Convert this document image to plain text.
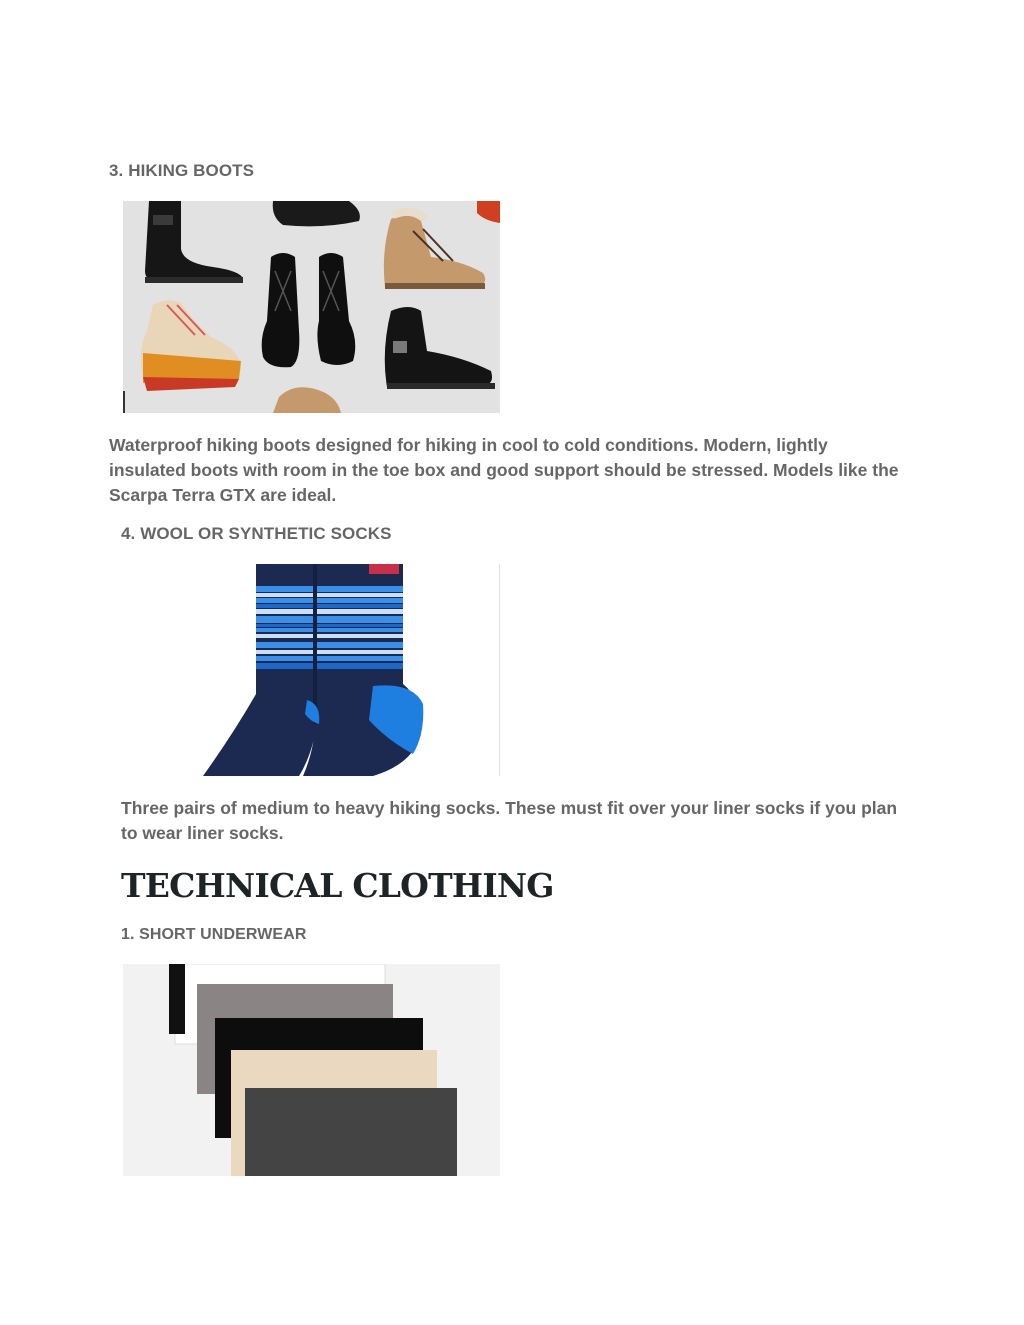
3. HIKING BOOTS
Waterproof hiking boots designed for hiking in cool to cold conditions. Modern, lightly insulated boots with room in the toe box and good support should be stressed. Models like the Scarpa Terra GTX are ideal.
4. WOOL OR SYNTHETIC SOCKS
Three pairs of medium to heavy hiking socks. These must fit over your liner socks if you plan to wear liner socks.
TECHNICAL CLOTHING
1. SHORT UNDERWEAR
